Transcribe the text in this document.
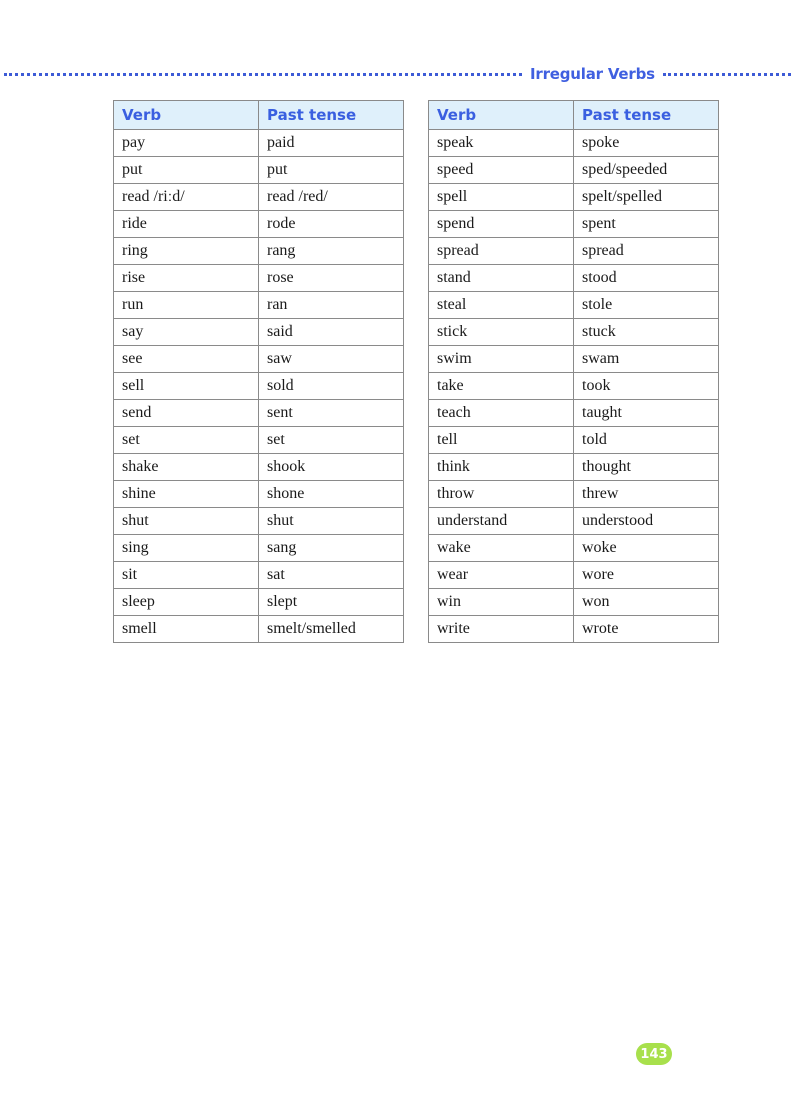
Irregular Verbs
Verb	Past tense
pay	paid
put	put
read /riːd/	read /red/
ride	rode
ring	rang
rise	rose
run	ran
say	said
see	saw
sell	sold
send	sent
set	set
shake	shook
shine	shone
shut	shut
sing	sang
sit	sat
sleep	slept
smell	smelt/smelled
Verb	Past tense
speak	spoke
speed	sped/speeded
spell	spelt/spelled
spend	spent
spread	spread
stand	stood
steal	stole
stick	stuck
swim	swam
take	took
teach	taught
tell	told
think	thought
throw	threw
understand	understood
wake	woke
wear	wore
win	won
write	wrote
143
